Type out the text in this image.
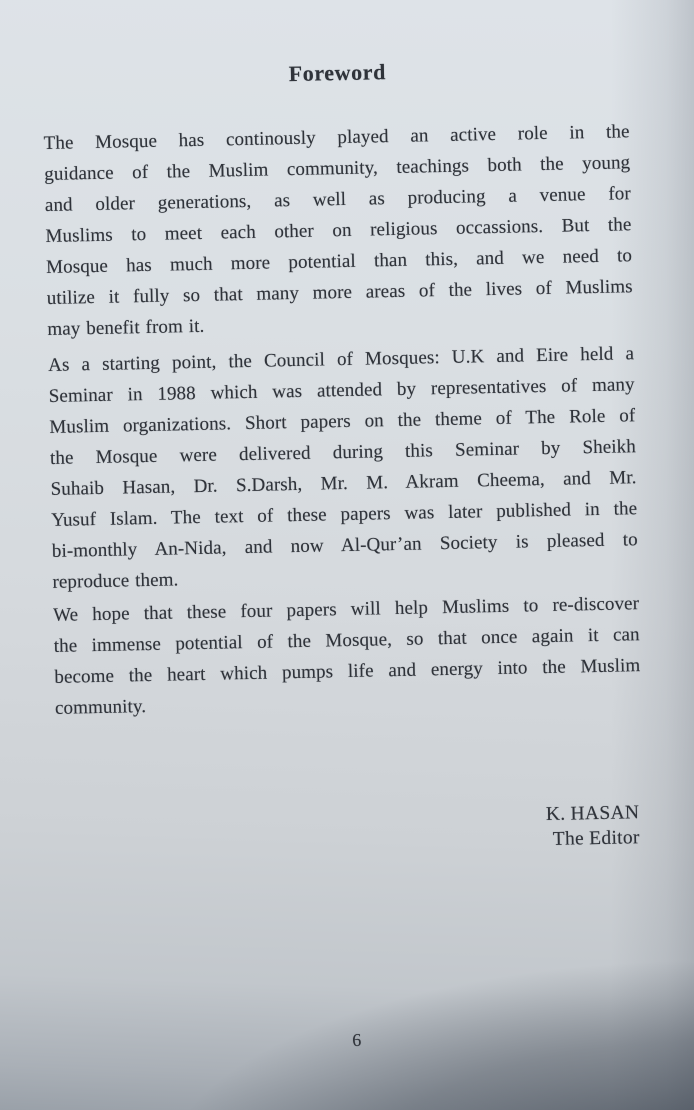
Foreword
The Mosque has continously played an active role in the
guidance of the Muslim community, teachings both the young
and older generations, as well as producing a venue for
Muslims to meet each other on religious occassions. But the
Mosque has much more potential than this, and we need to
utilize it fully so that many more areas of the lives of Muslims
may benefit from it.
As a starting point, the Council of Mosques: U.K and Eire held a
Seminar in 1988 which was attended by representatives of many
Muslim organizations. Short papers on the theme of The Role of
the Mosque were delivered during this Seminar by Sheikh
Suhaib Hasan, Dr. S.Darsh, Mr. M. Akram Cheema, and Mr.
Yusuf Islam. The text of these papers was later published in the
bi-monthly An-Nida, and now Al-Qur’an Society is pleased to
reproduce them.
We hope that these four papers will help Muslims to re-discover
the immense potential of the Mosque, so that once again it can
become the heart which pumps life and energy into the Muslim
community.
K. HASAN
The Editor
6
